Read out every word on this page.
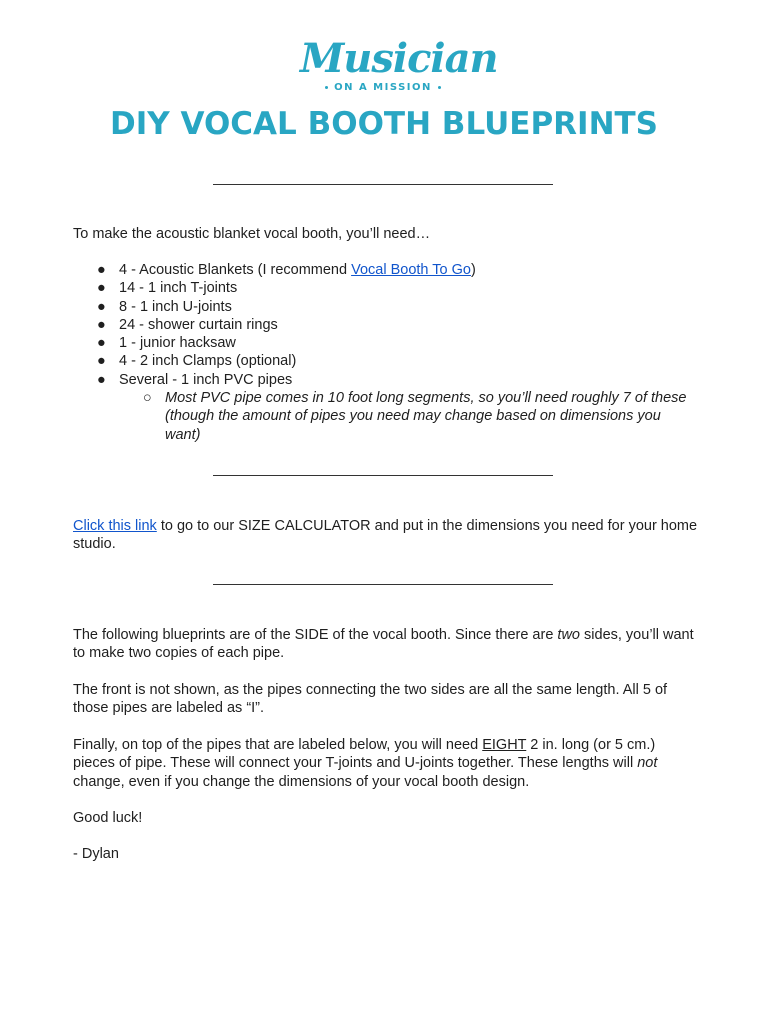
Musician
ON A MISSION
DIY VOCAL BOOTH BLUEPRINTS

To make the acoustic blanket vocal booth, you’ll need…

● 4 - Acoustic Blankets (I recommend Vocal Booth To Go)
● 14 - 1 inch T-joints
● 8 - 1 inch U-joints
● 24 - shower curtain rings
● 1 - junior hacksaw
● 4 - 2 inch Clamps (optional)
● Several - 1 inch PVC pipes
○ Most PVC pipe comes in 10 foot long segments, so you’ll need roughly 7 of these (though the amount of pipes you need may change based on dimensions you want)

Click this link to go to our SIZE CALCULATOR and put in the dimensions you need for your home studio.

The following blueprints are of the SIDE of the vocal booth. Since there are two sides, you’ll want to make two copies of each pipe.

The front is not shown, as the pipes connecting the two sides are all the same length. All 5 of those pipes are labeled as “I”.

Finally, on top of the pipes that are labeled below, you will need EIGHT 2 in. long (or 5 cm.) pieces of pipe. These will connect your T-joints and U-joints together. These lengths will not change, even if you change the dimensions of your vocal booth design.

Good luck!

- Dylan
